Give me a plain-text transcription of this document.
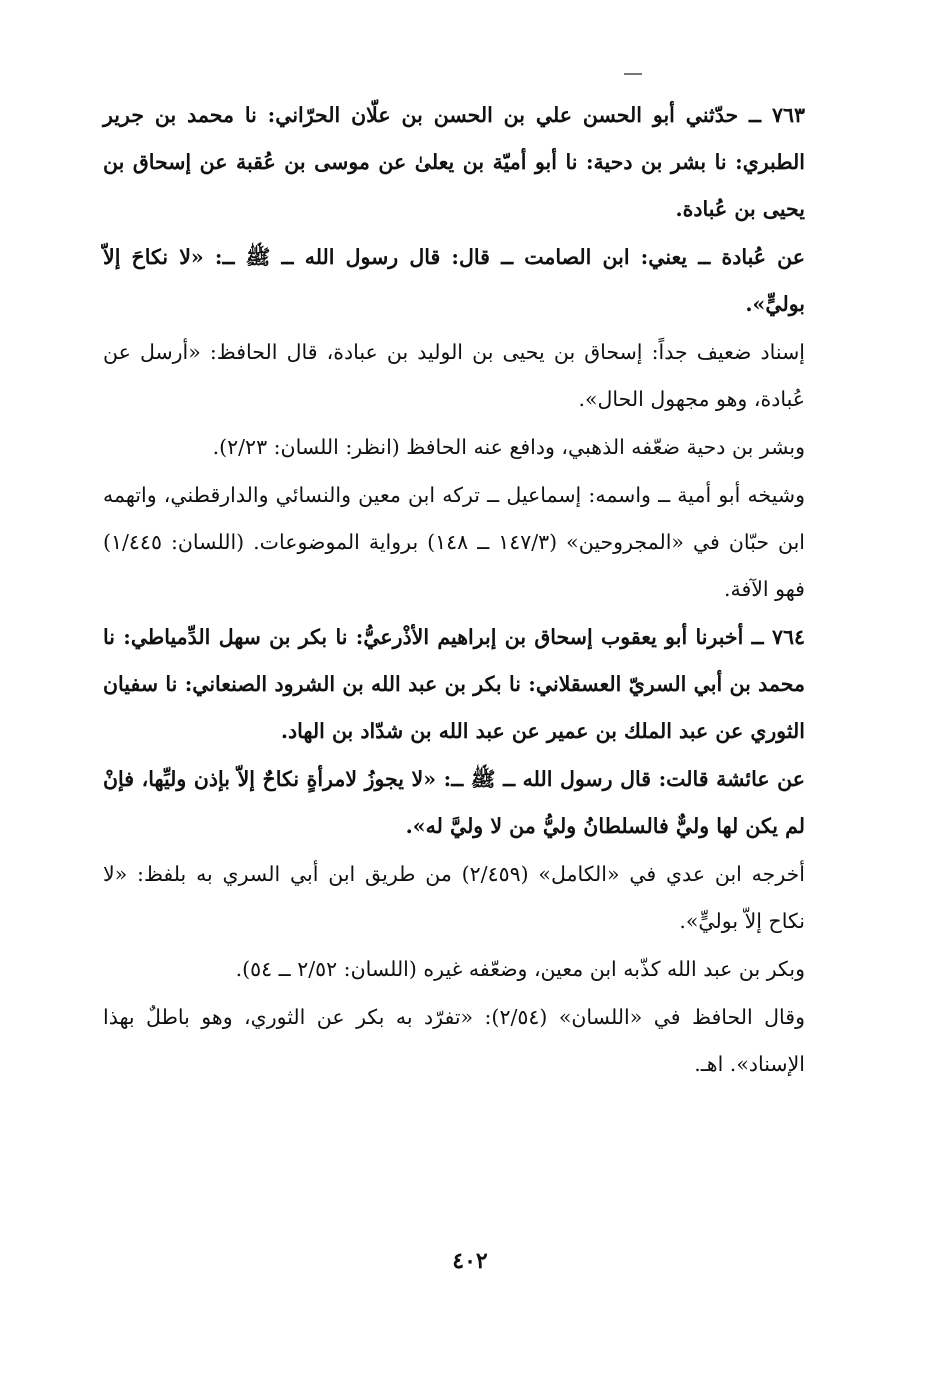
٧٦٣ ــ حدّثني أبو الحسن علي بن الحسن بن علّان الحرّاني: نا محمد بن جرير الطبري: نا بشر بن دحية: نا أبو أميّة بن يعلىٰ عن موسى بن عُقبة عن إسحاق بن يحيى بن عُبادة.

عن عُبادة ــ يعني: ابن الصامت ــ قال: قال رسول الله ــ ﷺ ــ: «لا نكاحَ إلاّ بوليٍّ».

إسناد ضعيف جداً: إسحاق بن يحيى بن الوليد بن عبادة، قال الحافظ: «أرسل عن عُبادة، وهو مجهول الحال».

وبشر بن دحية ضعّفه الذهبي، ودافع عنه الحافظ (انظر: اللسان: ٢/٢٣).

وشيخه أبو أمية ــ واسمه: إسماعيل ــ تركه ابن معين والنسائي والدارقطني، واتهمه ابن حبّان في «المجروحين» (١٤٧/٣ ــ ١٤٨) برواية الموضوعات. (اللسان: ١/٤٤٥) فهو الآفة.

٧٦٤ ــ أخبرنا أبو يعقوب إسحاق بن إبراهيم الأذْرعيُّ: نا بكر بن سهل الدِّمياطي: نا محمد بن أبي السريّ العسقلاني: نا بكر بن عبد الله بن الشرود الصنعاني: نا سفيان الثوري عن عبد الملك بن عمير عن عبد الله بن شدّاد بن الهاد.

عن عائشة قالت: قال رسول الله ــ ﷺ ــ: «لا يجوزُ لامرأةٍ نكاحٌ إلاّ بإذن وليِّها، فإنْ لم يكن لها وليٌّ فالسلطانُ وليُّ من لا وليَّ له».

أخرجه ابن عدي في «الكامل» (٢/٤٥٩) من طريق ابن أبي السري به بلفظ: «لا نكاح إلاّ بوليٍّ».

وبكر بن عبد الله كذّبه ابن معين، وضعّفه غيره (اللسان: ٢/٥٢ ــ ٥٤).

وقال الحافظ في «اللسان» (٢/٥٤): «تفرّد به بكر عن الثوري، وهو باطلٌ بهذا الإسناد». اهـ.

٤٠٢
